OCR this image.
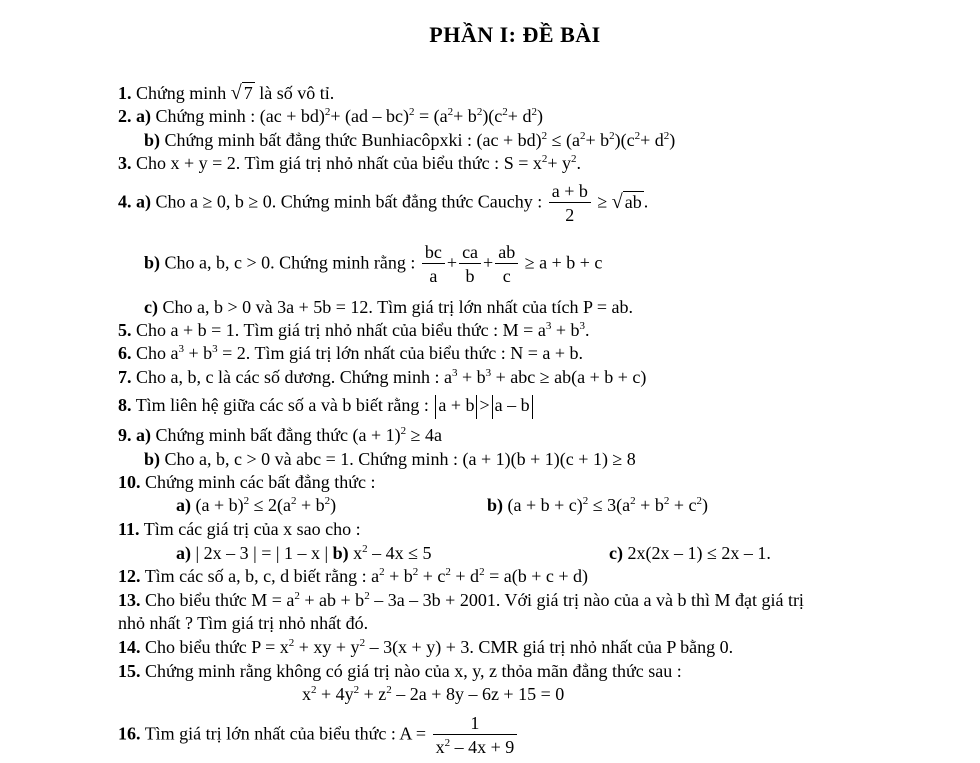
PHẦN I: ĐỀ BÀI
1. Chứng minh √ 7 là số vô tỉ.
2. a) Chứng minh : $(ac + bd)^2+ (ad - bc)^2 = (a^2+ b^2)(c^2+ d^2)$
b) Chứng minh bất đẳng thức Bunhiacôpxki : $(ac + bd)^2 \le (a^2+ b^2)(c^2+ d^2)$
3. Cho x + y = 2. Tìm giá trị nhỏ nhất của biểu thức : $S = x^2+ y^2$.
4. a) Cho a ≥ 0, b ≥ 0. Chứng minh bất đẳng thức Cauchy : $\frac{a + b}{2}$ ≥ √ ab .
b) Cho a, b, c > 0. Chứng minh rằng : $\frac{bc}{a} + \frac{ca}{b} + \frac{ab}{c} \ge a + b + c$
c) Cho a, b > 0 và 3a + 5b = 12. Tìm giá trị lớn nhất của tích P = ab.
5. Cho a + b = 1. Tìm giá trị nhỏ nhất của biểu thức : $M = a^3 + b^3$.
6. Cho $a^3 + b^3 = 2$. Tìm giá trị lớn nhất của biểu thức : N = a + b.
7. Cho a, b, c là các số dương. Chứng minh : $a^3 + b^3$ + abc ≥ ab(a + b + c)
8. Tìm liên hệ giữa các số a và b biết rằng : a + b > a – b
9. a) Chứng minh bất đẳng thức $(a + 1)^2 \ge 4a$
b) Cho a, b, c > 0 và abc = 1. Chứng minh : (a + 1)(b + 1)(c + 1) ≥ 8
10. Chứng minh các bất đẳng thức :
a) $(a + b)^2 \le 2(a^2 + b^2)$	b) $(a + b + c)^2 \le 3(a^2 + b^2 + c^2)$
11. Tìm các giá trị của x sao cho :
a) | 2x – 3 | = | 1 – x | b) $x^2 - 4x \le 5$	c) 2x(2x – 1) ≤ 2x – 1.
12. Tìm các số a, b, c, d biết rằng : $a^2 + b^2 + c^2 + d^2 = a(b + c + d)$
13. Cho biểu thức $M = a^2$ + ab + $b^2 - 3a - 3b + 2001$. Với giá trị nào của a và b thì M đạt giá trị
nhỏ nhất ? Tìm giá trị nhỏ nhất đó.
14. Cho biểu thức $P = x^2$ + xy + $y^2 - 3(x + y) + 3$. CMR giá trị nhỏ nhất của P bằng 0.
15. Chứng minh rằng không có giá trị nào của x, y, z thỏa mãn đẳng thức sau :
$x^2 + 4y^2 + z^2 - 2a + 8y - 6z + 15 = 0$
16. Tìm giá trị lớn nhất của biểu thức : $A = \frac{1}{x^2 - 4x + 9}$
